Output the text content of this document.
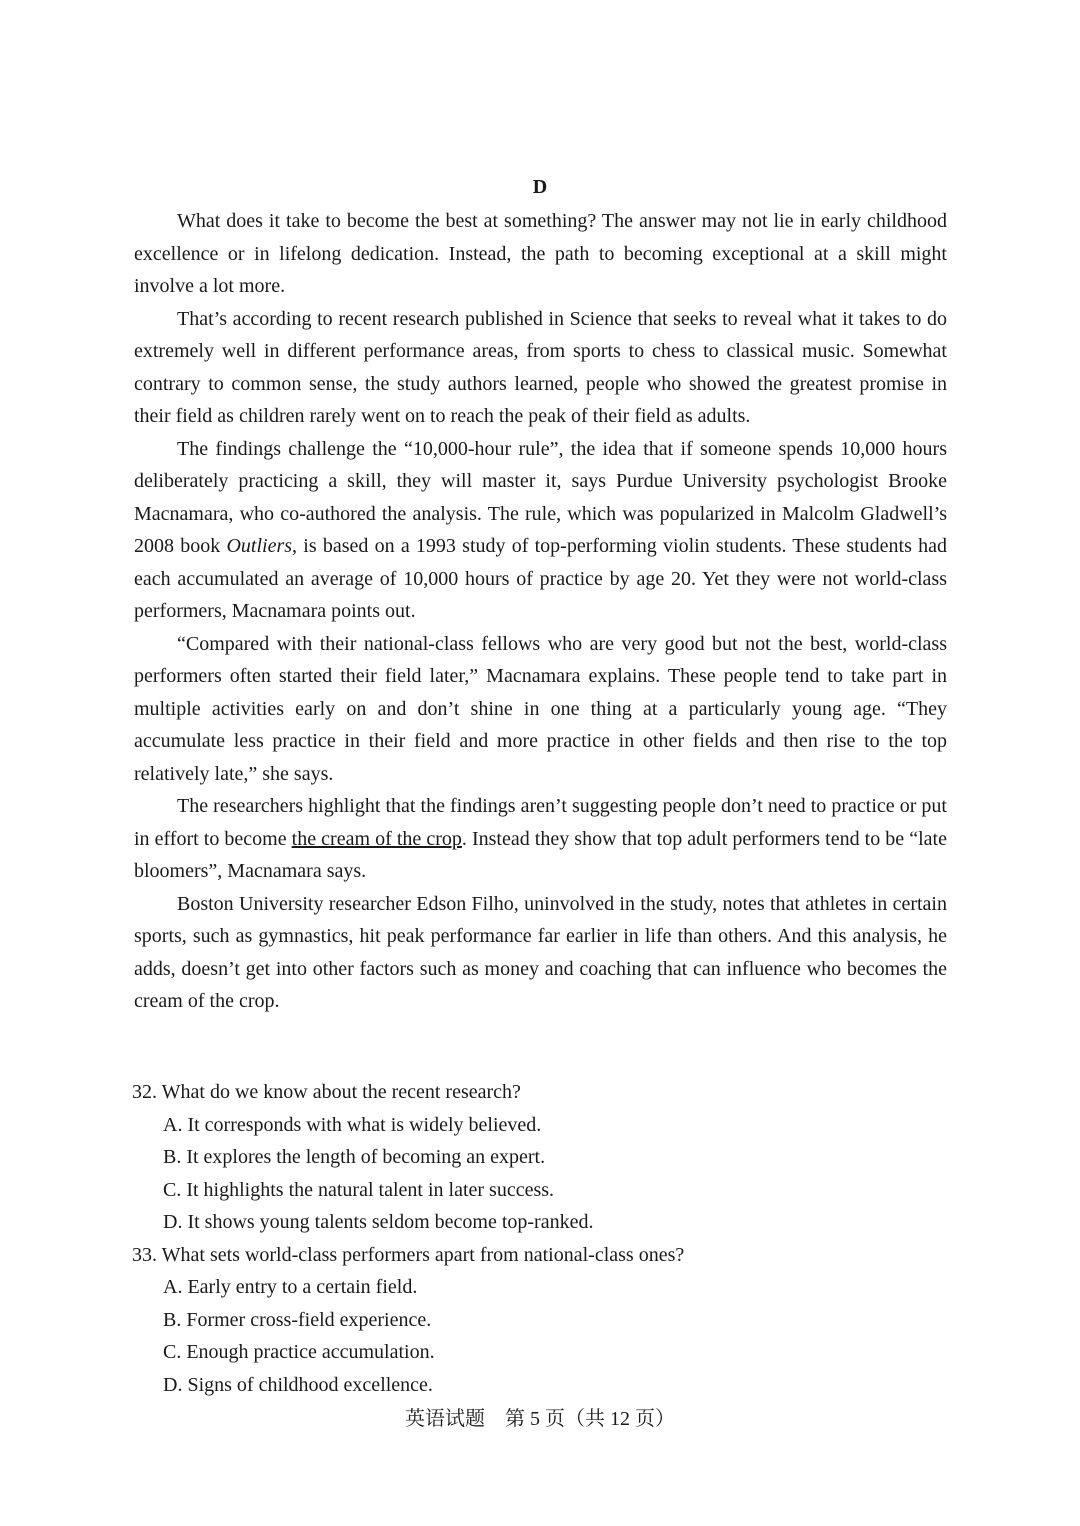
D

What does it take to become the best at something? The answer may not lie in early childhood excellence or in lifelong dedication. Instead, the path to becoming exceptional at a skill might involve a lot more.

That’s according to recent research published in Science that seeks to reveal what it takes to do extremely well in different performance areas, from sports to chess to classical music. Somewhat contrary to common sense, the study authors learned, people who showed the greatest promise in their field as children rarely went on to reach the peak of their field as adults.

The findings challenge the “10,000-hour rule”, the idea that if someone spends 10,000 hours deliberately practicing a skill, they will master it, says Purdue University psychologist Brooke Macnamara, who co-authored the analysis. The rule, which was popularized in Malcolm Gladwell’s 2008 book Outliers, is based on a 1993 study of top-performing violin students. These students had each accumulated an average of 10,000 hours of practice by age 20. Yet they were not world-class performers, Macnamara points out.

“Compared with their national-class fellows who are very good but not the best, world-class performers often started their field later,” Macnamara explains. These people tend to take part in multiple activities early on and don’t shine in one thing at a particularly young age. “They accumulate less practice in their field and more practice in other fields and then rise to the top relatively late,” she says.

The researchers highlight that the findings aren’t suggesting people don’t need to practice or put in effort to become the cream of the crop. Instead they show that top adult performers tend to be “late bloomers”, Macnamara says.

Boston University researcher Edson Filho, uninvolved in the study, notes that athletes in certain sports, such as gymnastics, hit peak performance far earlier in life than others. And this analysis, he adds, doesn’t get into other factors such as money and coaching that can influence who becomes the cream of the crop.

32. What do we know about the recent research?

A. It corresponds with what is widely believed.

B. It explores the length of becoming an expert.

C. It highlights the natural talent in later success.

D. It shows young talents seldom become top-ranked.

33. What sets world-class performers apart from national-class ones?

A. Early entry to a certain field.

B. Former cross-field experience.

C. Enough practice accumulation.

D. Signs of childhood excellence.

英语试题　第 5 页（共 12 页）
